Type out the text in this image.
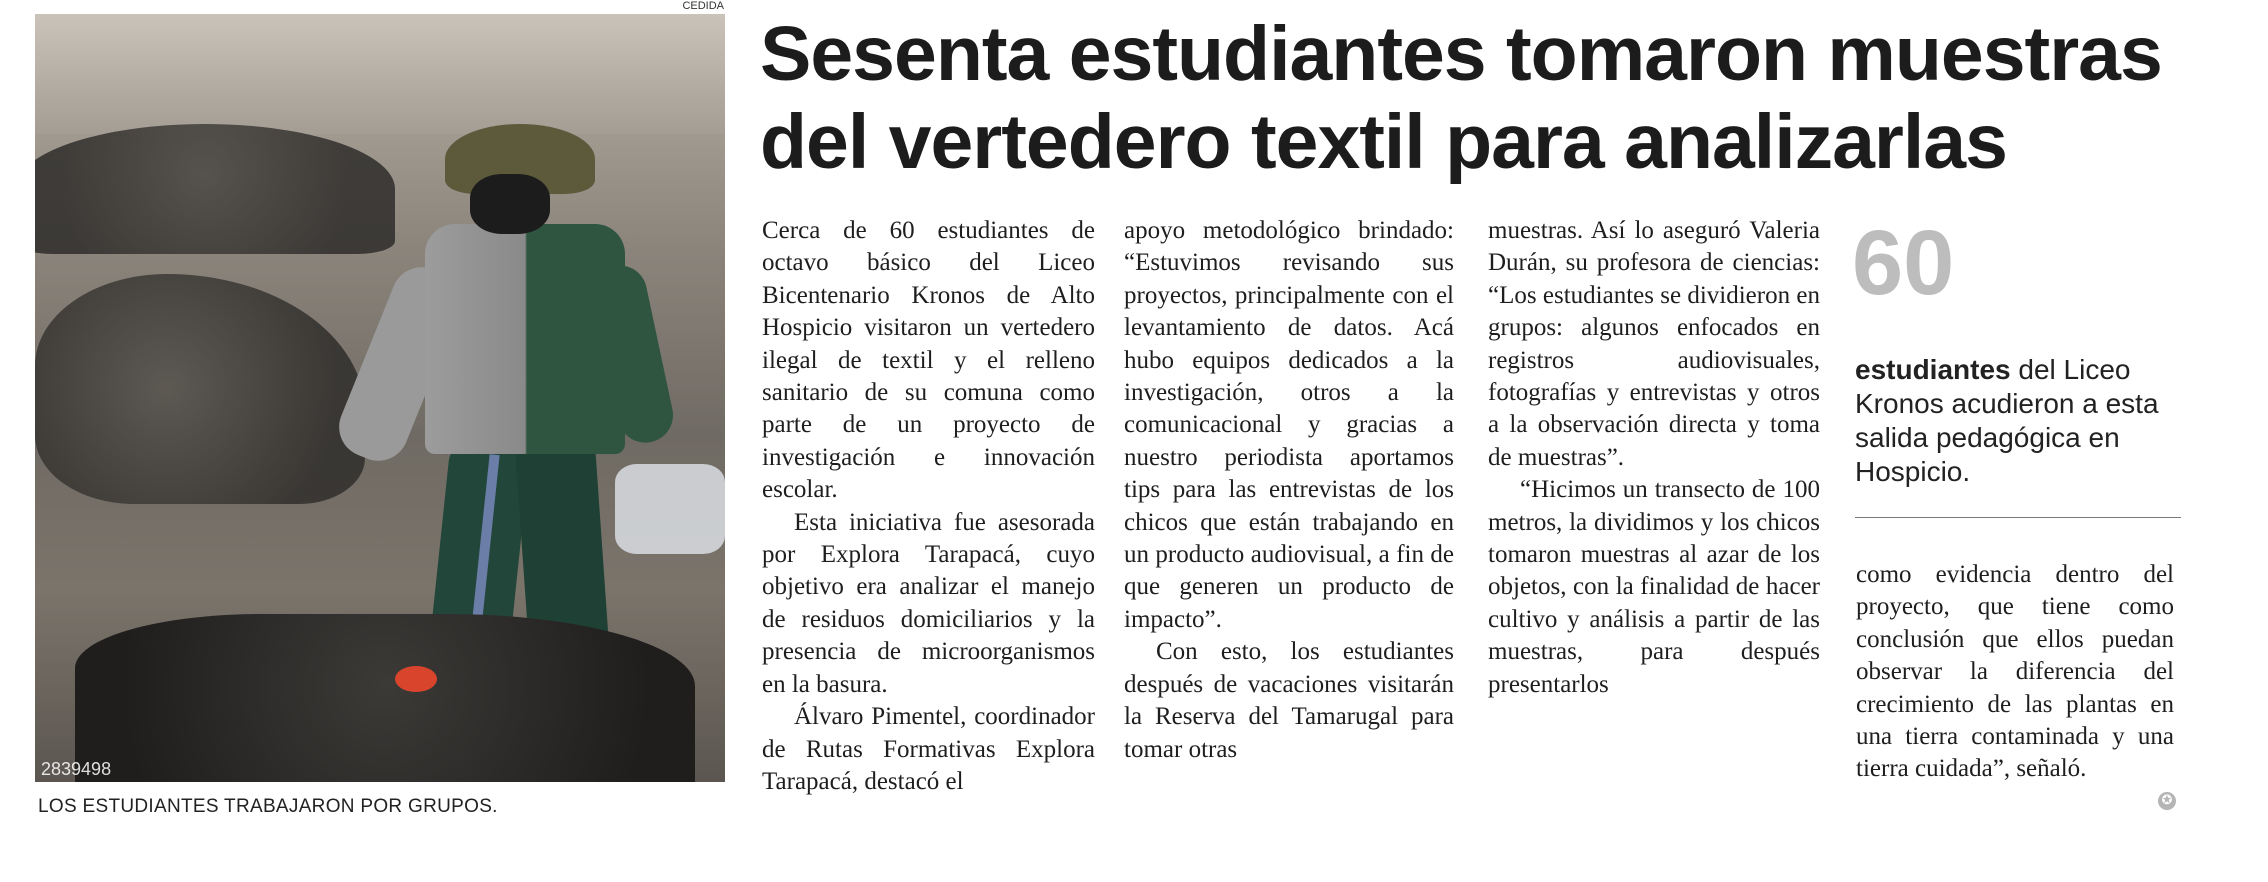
CEDIDA
2839498
LOS ESTUDIANTES TRABAJARON POR GRUPOS.
Sesenta estudiantes tomaron muestras
del vertedero textil para analizarlas

Cerca de 60 estudiantes de octavo básico del Liceo Bicentenario Kronos de Alto Hospicio visitaron un vertedero ilegal de textil y el relleno sanitario de su comuna como parte de un proyecto de investigación e innovación escolar.

Esta iniciativa fue asesorada por Explora Tarapacá, cuyo objetivo era analizar el manejo de residuos domiciliarios y la presencia de microorganismos en la basura.

Álvaro Pimentel, coordinador de Rutas Formativas Explora Tarapacá, destacó el

apoyo metodológico brindado: “Estuvimos revisando sus proyectos, principalmente con el levantamiento de datos. Acá hubo equipos dedicados a la investigación, otros a la comunicacional y gracias a nuestro periodista aportamos tips para las entrevistas de los chicos que están trabajando en un producto audiovisual, a fin de que generen un producto de impacto”.

Con esto, los estudiantes después de vacaciones visitarán la Reserva del Tamarugal para tomar otras

muestras. Así lo aseguró Valeria Durán, su profesora de ciencias: “Los estudiantes se dividieron en grupos: algunos enfocados en registros audiovisuales, fotografías y entrevistas y otros a la observación directa y toma de muestras”.

“Hicimos un transecto de 100 metros, la dividimos y los chicos tomaron muestras al azar de los objetos, con la finalidad de hacer cultivo y análisis a partir de las muestras, para después presentarlos

60
estudiantes del Liceo Kronos acudieron a esta salida pedagógica en Hospicio.

como evidencia dentro del proyecto, que tiene como conclusión que ellos puedan observar la diferencia del crecimiento de las plantas en una tierra contaminada y una tierra cuidada”, señaló.

✪
